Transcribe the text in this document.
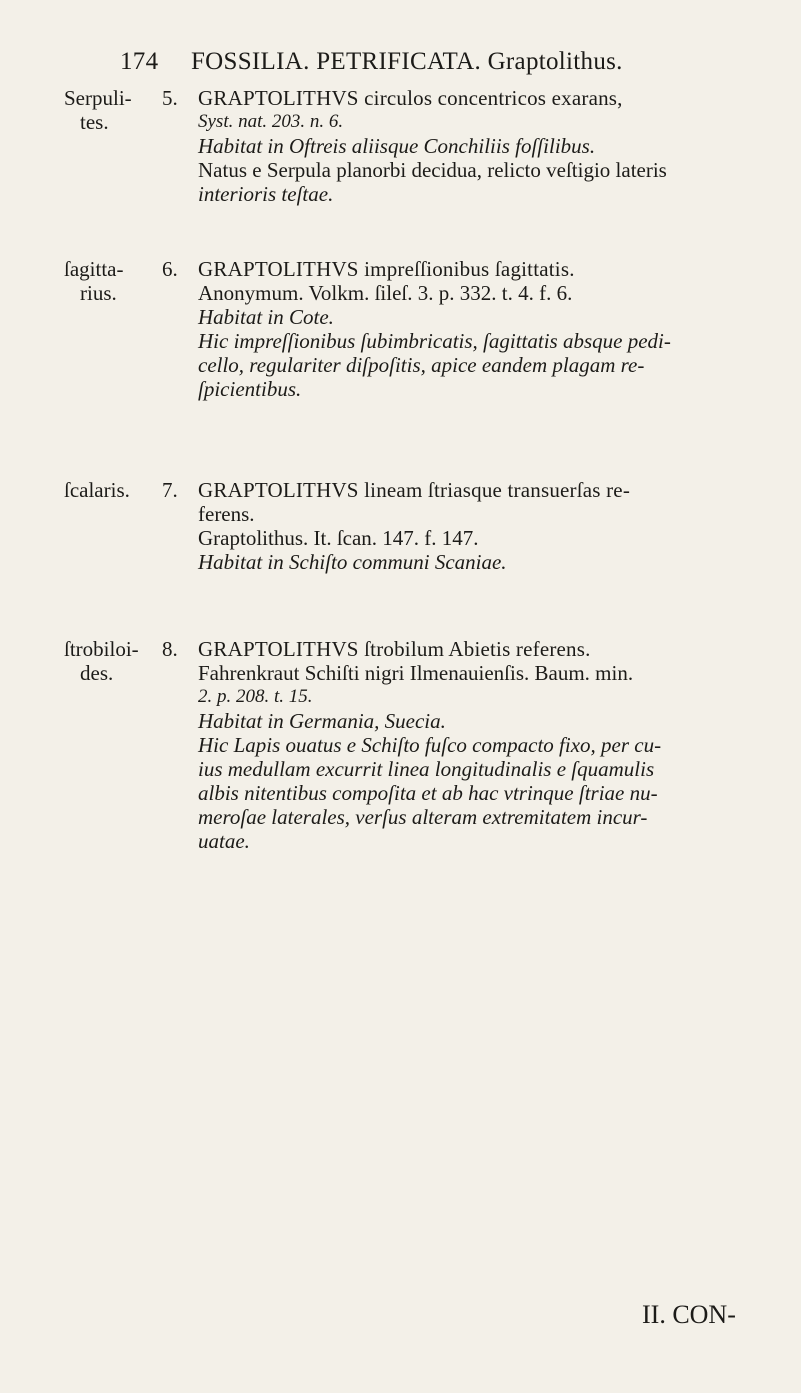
174 FOSSILIA. PETRIFICATA. Graptolithus.
Serpuli-
tes.
5. GRAPTOLITHVS circulos concentricos exarans,
Syst. nat. 203. n. 6.
Habitat in Oftreis aliisque Conchiliis foſſilibus.
Natus e Serpula planorbi decidua, relicto veſtigio lateris
interioris teſtae.
ſagitta-
rius.
6. GRAPTOLITHVS impreſſionibus ſagittatis.
Anonymum. Volkm. ſileſ. 3. p. 332. t. 4. f. 6.
Habitat in Cote.
Hic impreſſionibus ſubimbricatis, ſagittatis absque pedi-
cello, regulariter diſpoſitis, apice eandem plagam re-
ſpicientibus.
ſcalaris.	7. GRAPTOLITHVS lineam ſtriasque transuerſas re-
ferens.
Graptolithus. It. ſcan. 147. f. 147.
Habitat in Schiſto communi Scaniae.
ſtrobiloi-
des.
8. GRAPTOLITHVS ſtrobilum Abietis referens.
Fahrenkraut Schiſti nigri Ilmenauienſis. Baum. min.
2. p. 208. t. 15.
Habitat in Germania, Suecia.
Hic Lapis ouatus e Schiſto fuſco compacto fixo, per cu-
ius medullam excurrit linea longitudinalis e ſquamulis
albis nitentibus compoſita et ab hac vtrinque ſtriae nu-
meroſae laterales, verſus alteram extremitatem incur-
uatae.
II. CON-
